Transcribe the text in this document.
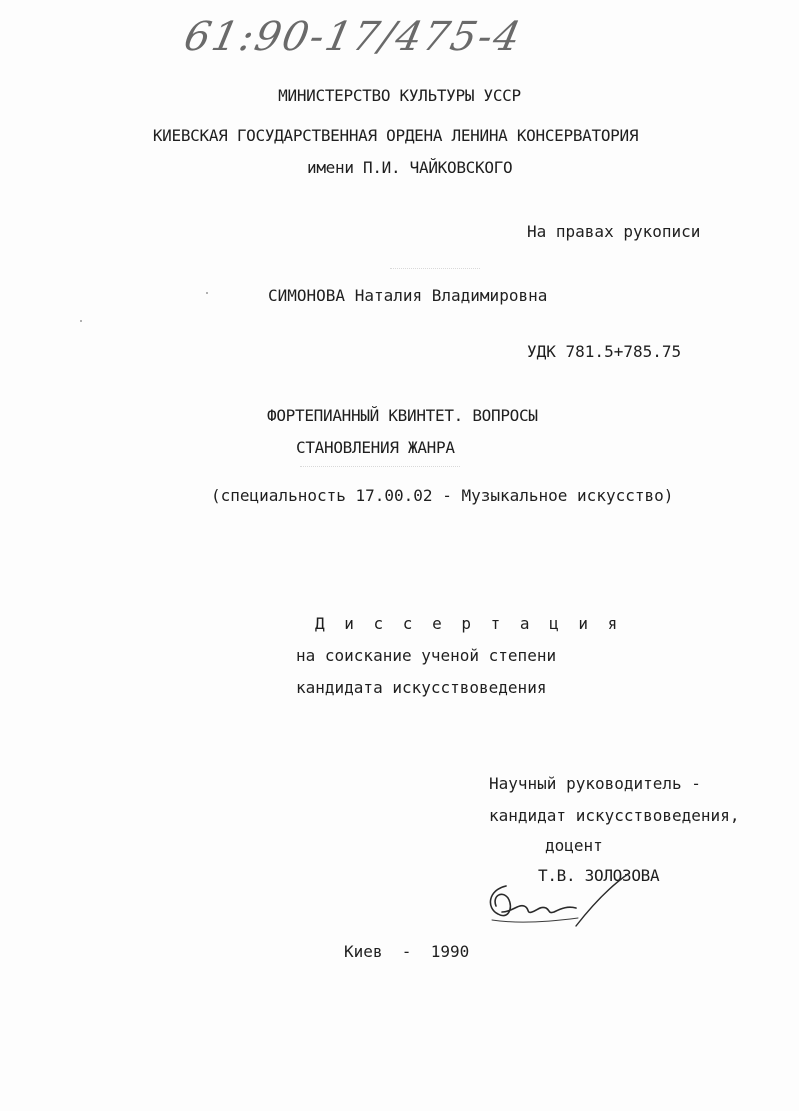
61:90-17/475-4
МИНИСТЕРСТВО КУЛЬТУРЫ УССР
КИЕВСКАЯ ГОСУДАРСТВЕННАЯ ОРДЕНА ЛЕНИНА КОНСЕРВАТОРИЯ
имени П.И. ЧАЙКОВСКОГО
На правах рукописи
СИМОНОВА Наталия Владимировна
УДК 781.5+785.75
ФОРТЕПИАННЫЙ КВИНТЕТ. ВОПРОСЫ
СТАНОВЛЕНИЯ ЖАНРА
(специальность 17.00.02 - Музыкальное искусство)
Д и с с е р т а ц и я
на соискание ученой степени
кандидата искусствоведения
Научный руководитель -
кандидат искусствоведения,
доцент
Т.В. ЗОЛОЗОВА
Киев  -  1990
